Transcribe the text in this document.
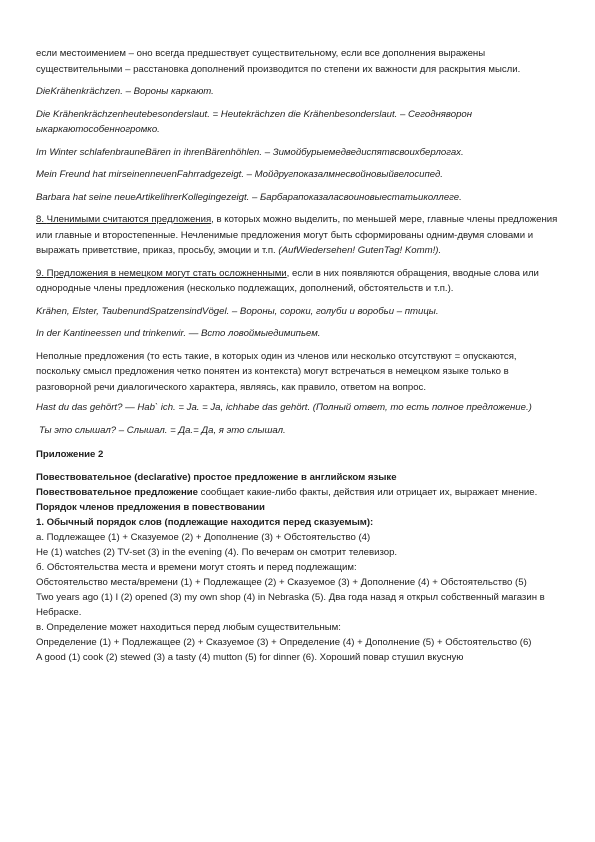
если местоимением – оно всегда предшествует существительному, если все дополнения выражены существительными – расстановка дополнений производится по степени их важности для раскрытия мысли.

DieKrähenkrächzen. – Вороны каркают.

Die Krähenkrächzenheutebesonderslaut. = Heutekrächzen die Krähenbesonderslaut. – Сегодняворон ыкаркаютособенногромко.

Im Winter schlafenbrauneBären in ihrenBärenhöhlen. – Зимойбурыемедведиспятвсвоихберлогах.

Mein Freund hat mirseinenneuenFahrradgezeigt. – Мойдругпоказалмнесвойновыйвелосипед.

Barbara hat seine neueArtikelihrerKollegingezeigt. – Барбарапоказаласвоиновыестатьиколлеге.

8. Членимыми считаются предложения, в которых можно выделить, по меньшей мере, главные члены предложения или главные и второстепенные. Нечленимые предложения могут быть сформированы одним-двумя словами и выражать приветствие, приказ, просьбу, эмоции и т.п. (AufWiedersehen! GutenTag! Komm!).

9. Предложения в немецком могут стать осложненными, если в них появляются обращения, вводные слова или однородные члены предложения (несколько подлежащих, дополнений, обстоятельств и т.п.).

Krähen, Elster, TaubenundSpatzensindVögel. – Вороны, сороки, голуби и воробьи – птицы.

In der Kantineessen und trinkenwir. — Всто ловоймыедимипьем.

Неполные предложения (то есть такие, в которых один из членов или несколько отсутствуют = опускаются, поскольку смысл предложения четко понятен из контекста) могут встречаться в немецком языке только в разговорной речи диалогического характера, являясь, как правило, ответом на вопрос.

Hast du das gehört? — Hab` ich. = Ja. = Ja, ichhabe das gehört. (Полный ответ, то есть полное предложение.)

Ты это слышал? – Слышал. = Да.= Да, я это слышал.

Приложение 2

Повествовательное (declarative) простое предложение в английском языке

Повествовательное предложение сообщает какие-либо факты, действия или отрицает их, выражает мнение.

Порядок членов предложения в повествовании

1. Обычный порядок слов (подлежащие находится перед сказуемым):

а. Подлежащее (1) + Сказуемое (2) + Дополнение (3) + Обстоятельство (4)

He (1) watches (2) TV-set (3) in the evening (4). По вечерам он смотрит телевизор.

б. Обстоятельства места и времени могут стоять и перед подлежащим:

Обстоятельство места/времени (1) + Подлежащее (2) + Сказуемое (3) + Дополнение (4) + Обстоятельство (5)

Two years ago (1) I (2) opened (3) my own shop (4) in Nebraska (5). Два года назад я открыл собственный магазин в Небраске.

в. Определение может находиться перед любым существительным:

Определение (1) + Подлежащее (2) + Сказуемое (3) + Определение (4) + Дополнение (5) + Обстоятельство (6)

A good (1) cook (2) stewed (3) a tasty (4) mutton (5) for dinner (6). Хороший повар стушил вкусную
